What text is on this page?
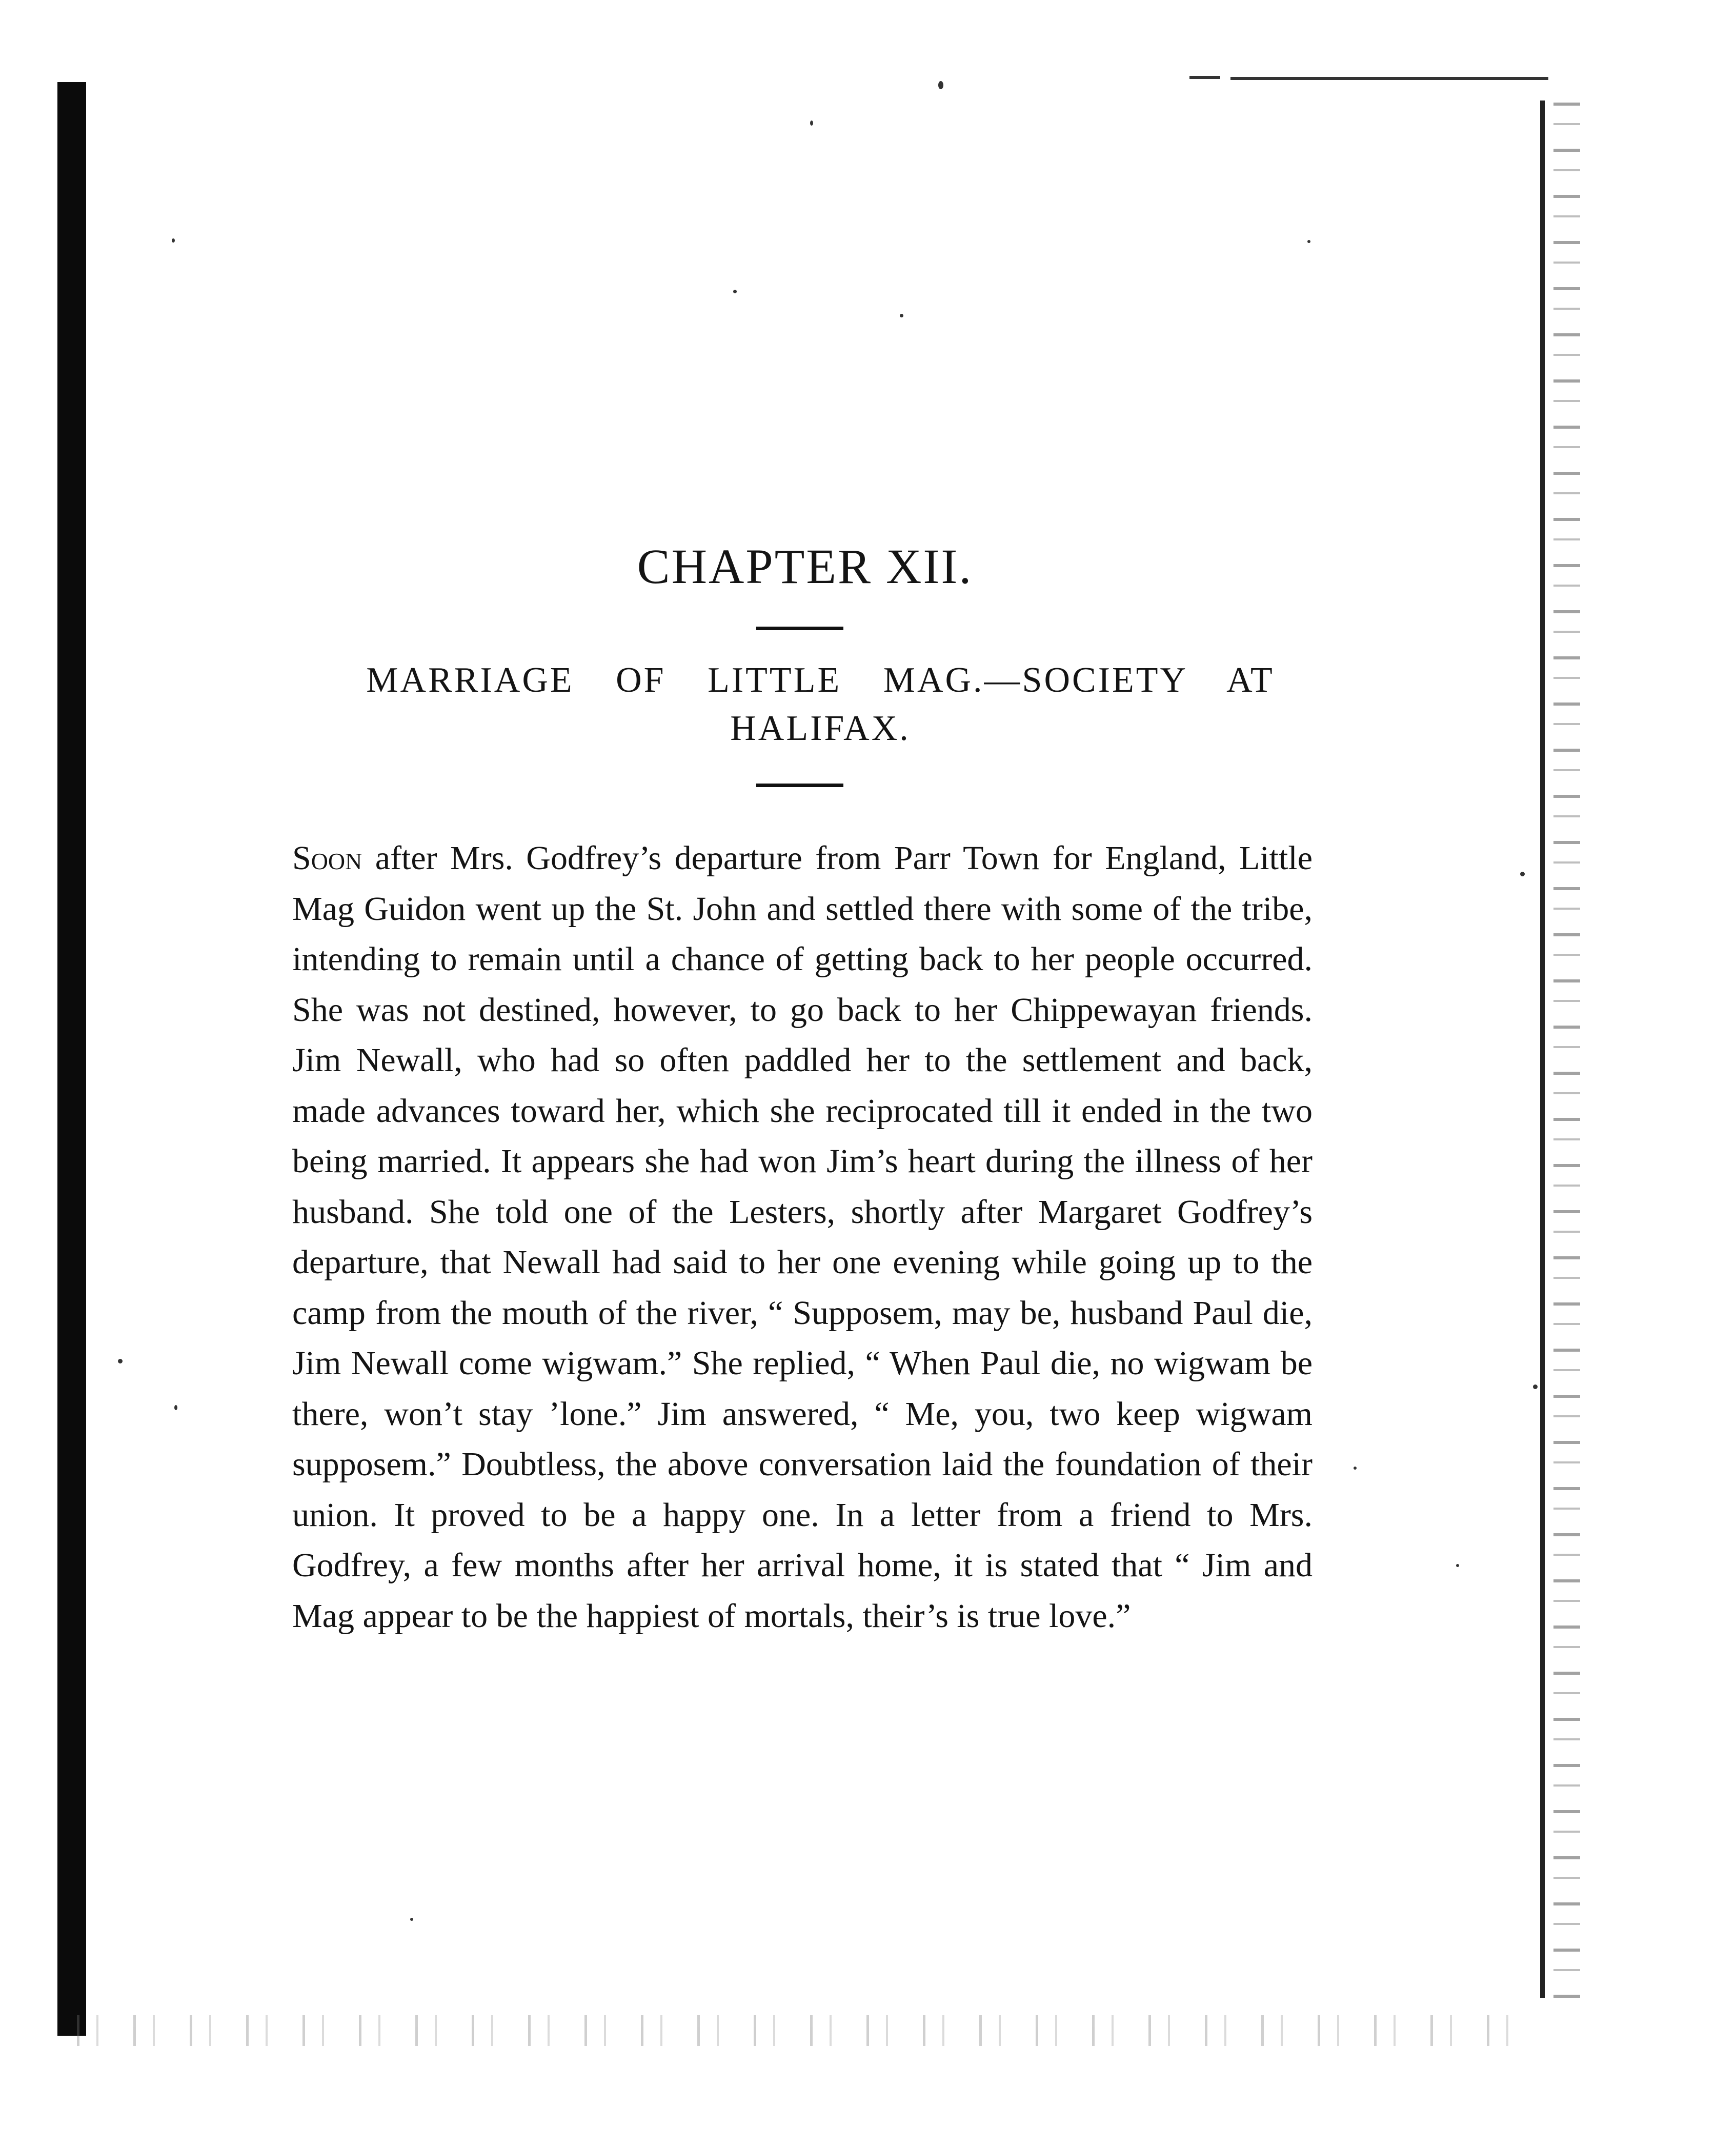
CHAPTER XII.
MARRIAGE OF LITTLE MAG.—SOCIETY AT HALIFAX.

Soon after Mrs. Godfrey’s departure from Parr Town for England, Little Mag Guidon went up the St. John and settled there with some of the tribe, intending to remain until a chance of getting back to her people occurred. She was not destined, however, to go back to her Chippewayan friends. Jim Newall, who had so often paddled her to the settlement and back, made advances toward her, which she reciprocated till it ended in the two being married. It appears she had won Jim’s heart during the illness of her husband. She told one of the Lesters, shortly after Margaret Godfrey’s departure, that Newall had said to her one evening while going up to the camp from the mouth of the river, “ Supposem, may be, husband Paul die, Jim Newall come wigwam.” She replied, “ When Paul die, no wigwam be there, won’t stay ’lone.” Jim answered, “ Me, you, two keep wigwam supposem.” Doubtless, the above conversation laid the foundation of their union. It proved to be a happy one. In a letter from a friend to Mrs. Godfrey, a few months after her arrival home, it is stated that “ Jim and Mag appear to be the happiest of mortals, their’s is true love.”
